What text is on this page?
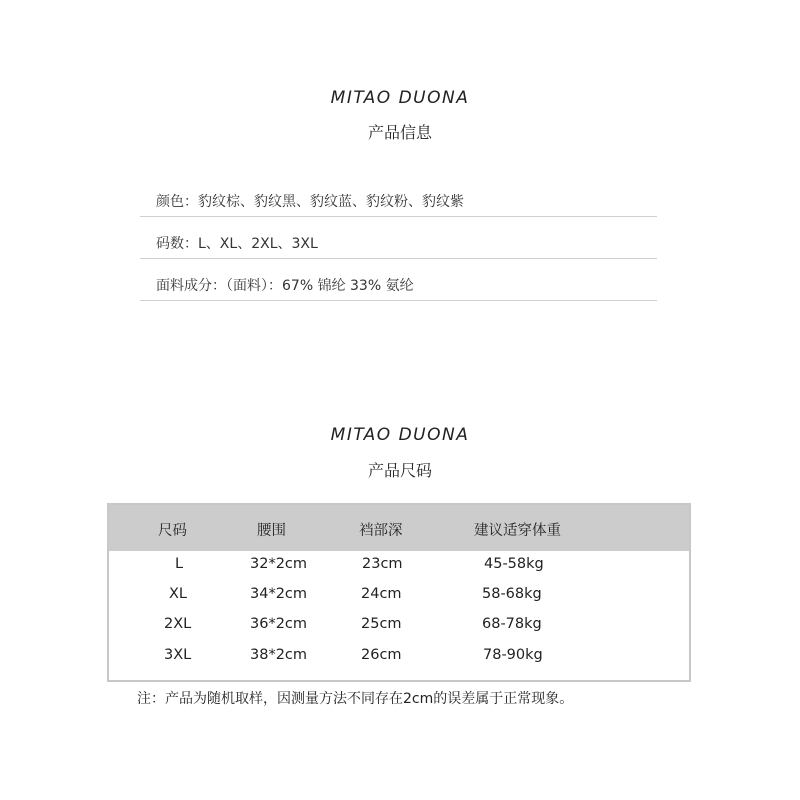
MITAO DUONA
产品信息
颜色：豹纹棕、豹纹黑、豹纹蓝、豹纹粉、豹纹紫
码数：L、XL、2XL、3XL
面料成分：（面料）：67% 锦纶 33% 氨纶
MITAO DUONA
产品尺码
尺码	腰围	裆部深	建议适穿体重
L	32*2cm	23cm	45-58kg
XL	34*2cm	24cm	58-68kg
2XL	36*2cm	25cm	68-78kg
3XL	38*2cm	26cm	78-90kg
注：产品为随机取样，因测量方法不同存在2cm的误差属于正常现象。
